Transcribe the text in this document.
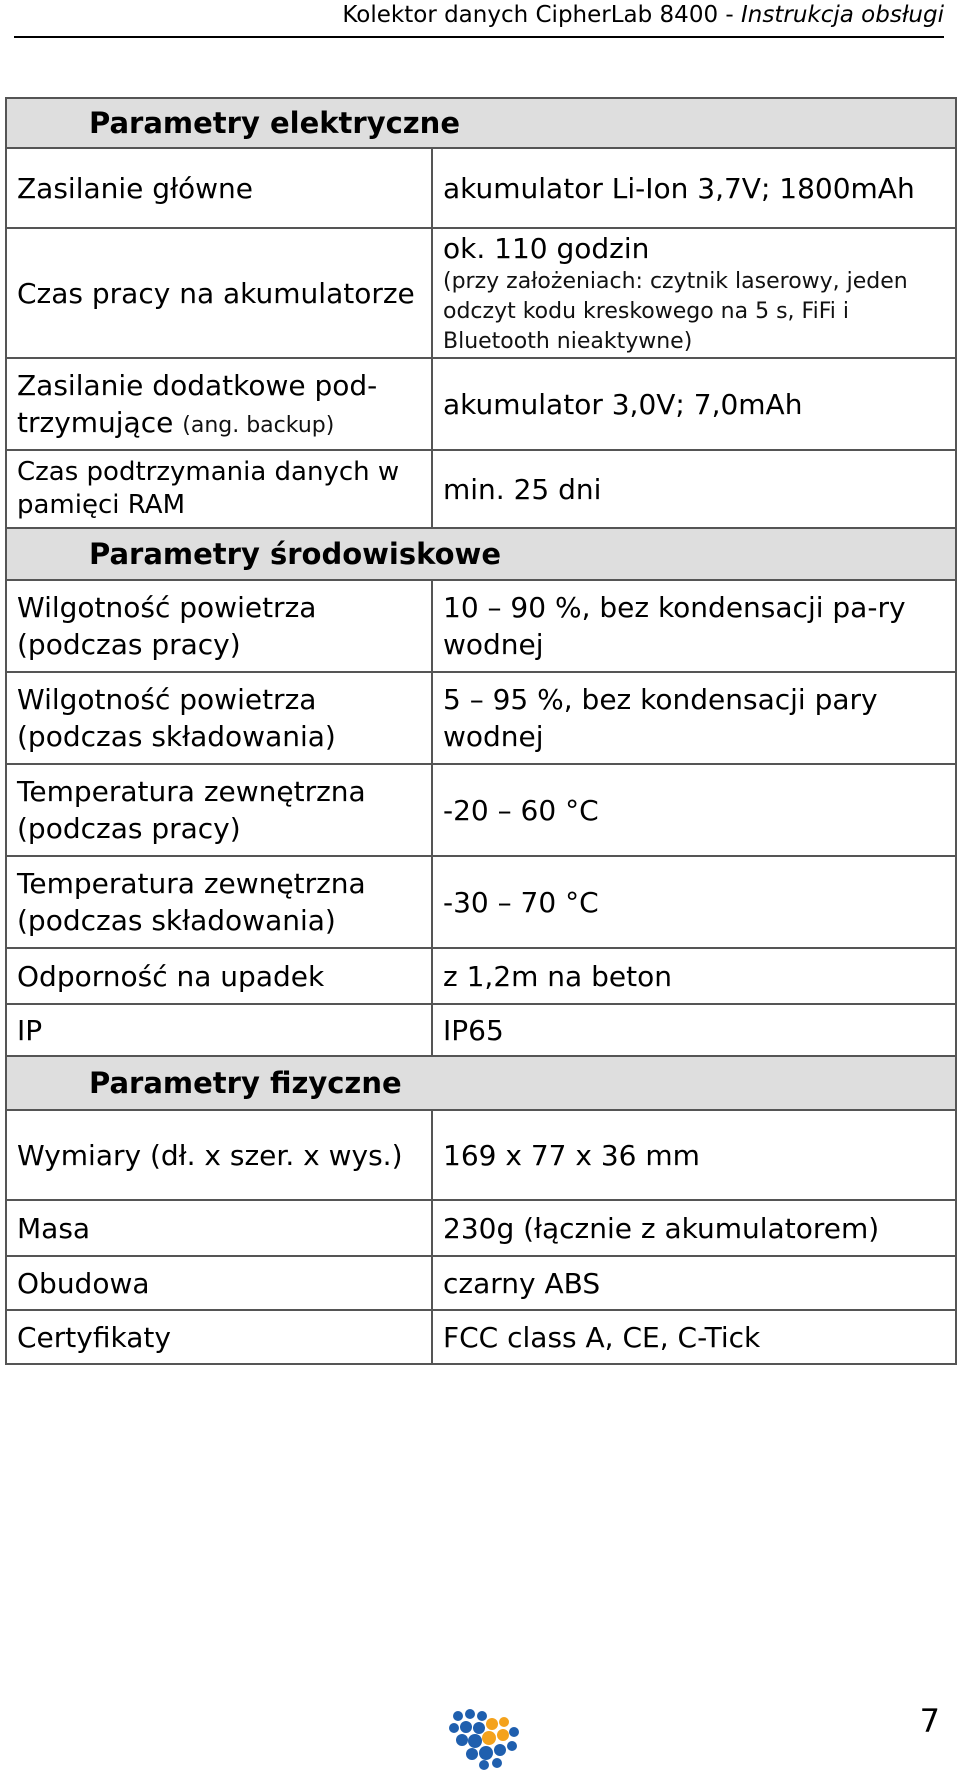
Kolektor danych CipherLab 8400 - Instrukcja obsługi
Parametry elektryczne	
Zasilanie główne	akumulator Li-Ion 3,7V; 1800mAh
Czas pracy na akumulatorze	ok. 110 godzin
(przy założeniach: czytnik laserowy, jeden odczyt kodu kreskowego na 5 s, FiFi i Bluetooth nieaktywne)

Zasilanie dodatkowe pod-trzymujące (ang. backup)	akumulator 3,0V; 7,0mAh
Czas podtrzymania danych w pamięci RAM	min. 25 dni
Parametry środowiskowe	
Wilgotność powietrza (podczas pracy)	10 – 90 %, bez kondensacji pa-ry wodnej
Wilgotność powietrza (podczas składowania)	5 – 95 %, bez kondensacji pary wodnej
Temperatura zewnętrzna (podczas pracy)	-20 – 60 °C
Temperatura zewnętrzna (podczas składowania)	-30 – 70 °C
Odporność na upadek	z 1,2m na beton
IP	IP65
Parametry fizyczne	
Wymiary (dł. x szer. x wys.)	169 x 77 x 36 mm
Masa	230g (łącznie z akumulatorem)
Obudowa	czarny ABS
Certyfikaty	FCC class A, CE, C-Tick
7
